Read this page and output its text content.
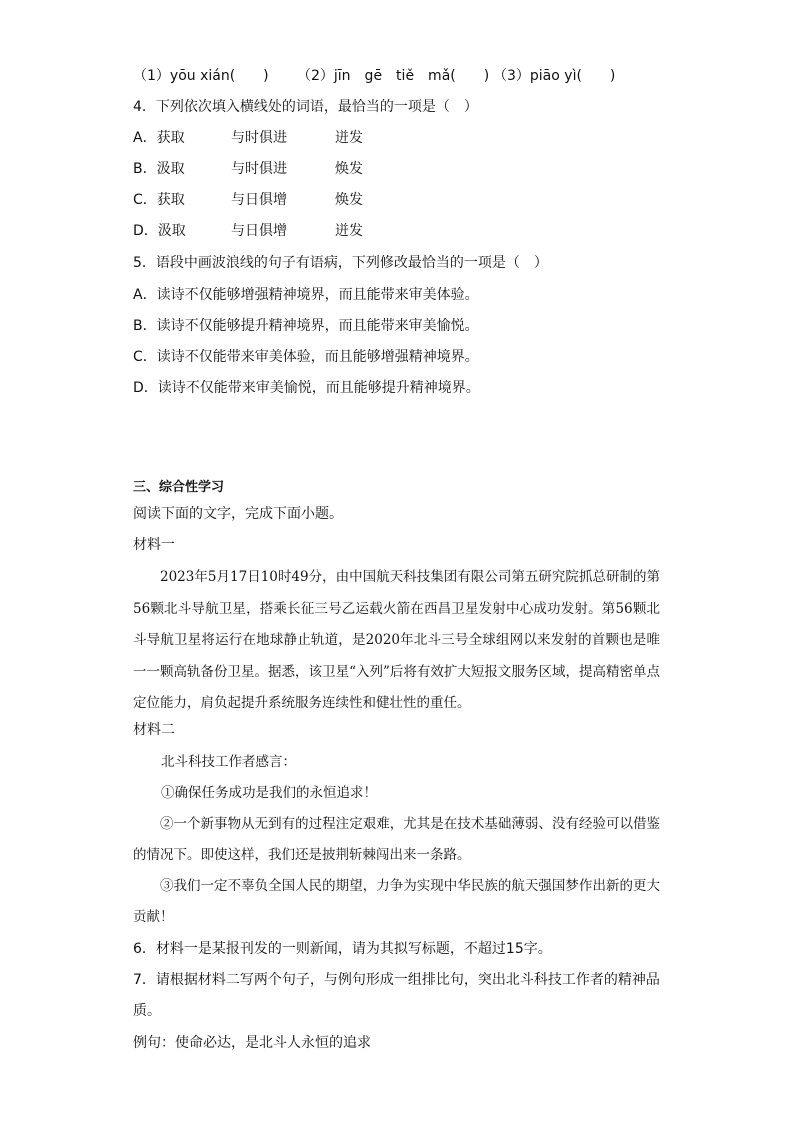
（1）yōu xián(　　) （2）jīn　gē　tiě　mǎ(　　) （3）piāo yì(　　)
4．下列依次填入横线处的词语，最恰当的一项是（　）
A．获取	与时俱进	迸发
B．汲取	与时俱进	焕发
C．获取	与日俱增	焕发
D．汲取	与日俱增	迸发
5．语段中画波浪线的句子有语病，下列修改最恰当的一项是（　）
A．读诗不仅能够增强精神境界，而且能带来审美体验。
B．读诗不仅能够提升精神境界，而且能带来审美愉悦。
C．读诗不仅能带来审美体验，而且能够增强精神境界。
D．读诗不仅能带来审美愉悦，而且能够提升精神境界。
三、综合性学习
阅读下面的文字，完成下面小题。
材料一
2023年5月17日10时49分，由中国航天科技集团有限公司第五研究院抓总研制的第56颗北斗导航卫星，搭乘长征三号乙运载火箭在西昌卫星发射中心成功发射。第56颗北斗导航卫星将运行在地球静止轨道，是2020年北斗三号全球组网以来发射的首颗也是唯一一颗高轨备份卫星。据悉，该卫星“入列”后将有效扩大短报文服务区域，提高精密单点定位能力，肩负起提升系统服务连续性和健壮性的重任。
材料二
北斗科技工作者感言：
①确保任务成功是我们的永恒追求！
②一个新事物从无到有的过程注定艰难，尤其是在技术基础薄弱、没有经验可以借鉴的情况下。即使这样，我们还是披荆斩棘闯出来一条路。
③我们一定不辜负全国人民的期望，力争为实现中华民族的航天强国梦作出新的更大贡献！
6．材料一是某报刊发的一则新闻，请为其拟写标题，不超过15字。
7．请根据材料二写两个句子，与例句形成一组排比句，突出北斗科技工作者的精神品质。
例句：使命必达，是北斗人永恒的追求
